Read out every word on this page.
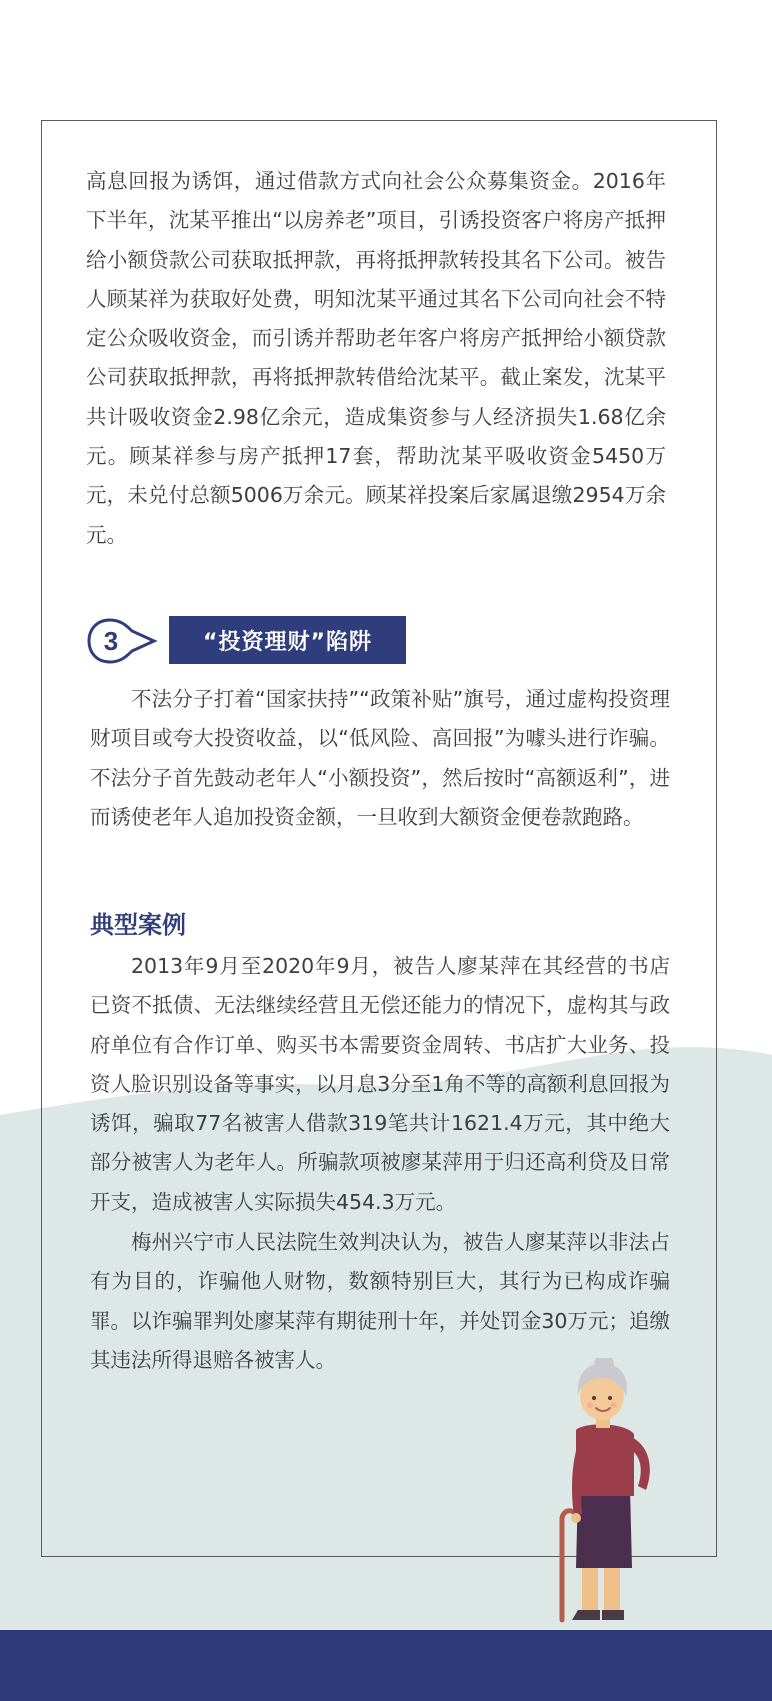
高息回报为诱饵，通过借款方式向社会公众募集资金。2016年下半年，沈某平推出“以房养老”项目，引诱投资客户将房产抵押给小额贷款公司获取抵押款，再将抵押款转投其名下公司。被告人顾某祥为获取好处费，明知沈某平通过其名下公司向社会不特定公众吸收资金，而引诱并帮助老年客户将房产抵押给小额贷款公司获取抵押款，再将抵押款转借给沈某平。截止案发，沈某平共计吸收资金2.98亿余元，造成集资参与人经济损失1.68亿余元。顾某祥参与房产抵押17套，帮助沈某平吸收资金5450万元，未兑付总额5006万余元。顾某祥投案后家属退缴2954万余元。

3	“投资理财”陷阱

不法分子打着“国家扶持”“政策补贴”旗号，通过虚构投资理财项目或夸大投资收益，以“低风险、高回报”为噱头进行诈骗。不法分子首先鼓动老年人“小额投资”，然后按时“高额返利”，进而诱使老年人追加投资金额，一旦收到大额资金便卷款跑路。

典型案例

2013年9月至2020年9月，被告人廖某萍在其经营的书店已资不抵债、无法继续经营且无偿还能力的情况下，虚构其与政府单位有合作订单、购买书本需要资金周转、书店扩大业务、投资人脸识别设备等事实，以月息3分至1角不等的高额利息回报为诱饵，骗取77名被害人借款319笔共计1621.4万元，其中绝大部分被害人为老年人。所骗款项被廖某萍用于归还高利贷及日常开支，造成被害人实际损失454.3万元。

梅州兴宁市人民法院生效判决认为，被告人廖某萍以非法占有为目的，诈骗他人财物，数额特别巨大，其行为已构成诈骗罪。以诈骗罪判处廖某萍有期徒刑十年，并处罚金30万元；追缴其违法所得退赔各被害人。
